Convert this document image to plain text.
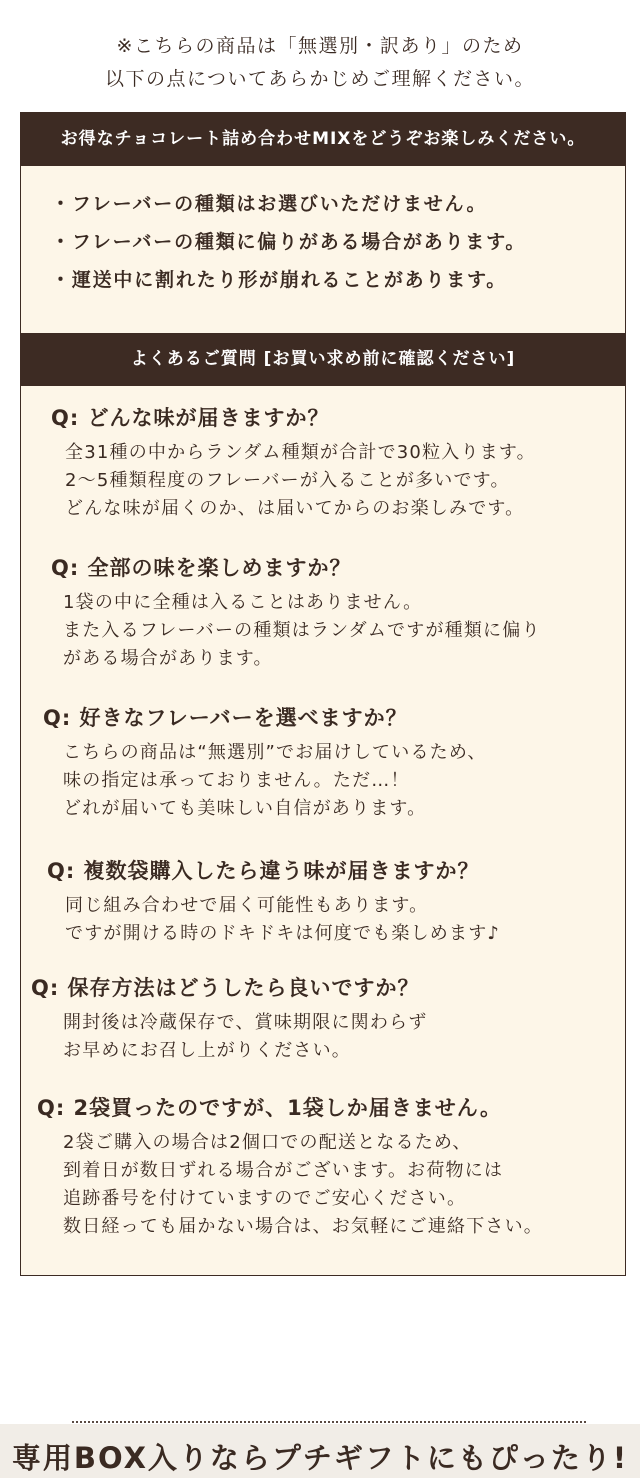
※こちらの商品は「無選別・訳あり」のため
以下の点についてあらかじめご理解ください。
お得なチョコレート詰め合わせMIXをどうぞお楽しみください。
・ フレーバーの種類はお選びいただけません。
・ フレーバーの種類に偏りがある場合があります。
・ 運送中に割れたり形が崩れることがあります。
よくあるご質問 [お買い求め前に確認ください]
Q: どんな味が届きますか？
全31種の中からランダム種類が合計で30粒入ります。
2〜5種類程度のフレーバーが入ることが多いです。
どんな味が届くのか、は届いてからのお楽しみです。
Q: 全部の味を楽しめますか？
1袋の中に全種は入ることはありません。
また入るフレーバーの種類はランダムですが種類に偏り
がある場合があります。
Q: 好きなフレーバーを選べますか？
こちらの商品は“無選別”でお届けしているため、
味の指定は承っておりません。ただ…！
どれが届いても美味しい自信があります。
Q: 複数袋購入したら違う味が届きますか？
同じ組み合わせで届く可能性もあります。
ですが開ける時のドキドキは何度でも楽しめます♪
Q: 保存方法はどうしたら良いですか？
開封後は冷蔵保存で、賞味期限に関わらず
お早めにお召し上がりください。
Q: 2袋買ったのですが、1袋しか届きません。
2袋ご購入の場合は2個口での配送となるため、
到着日が数日ずれる場合がございます。お荷物には
追跡番号を付けていますのでご安心ください。
数日経っても届かない場合は、お気軽にご連絡下さい。
専用BOX入りならプチギフトにもぴったり!
